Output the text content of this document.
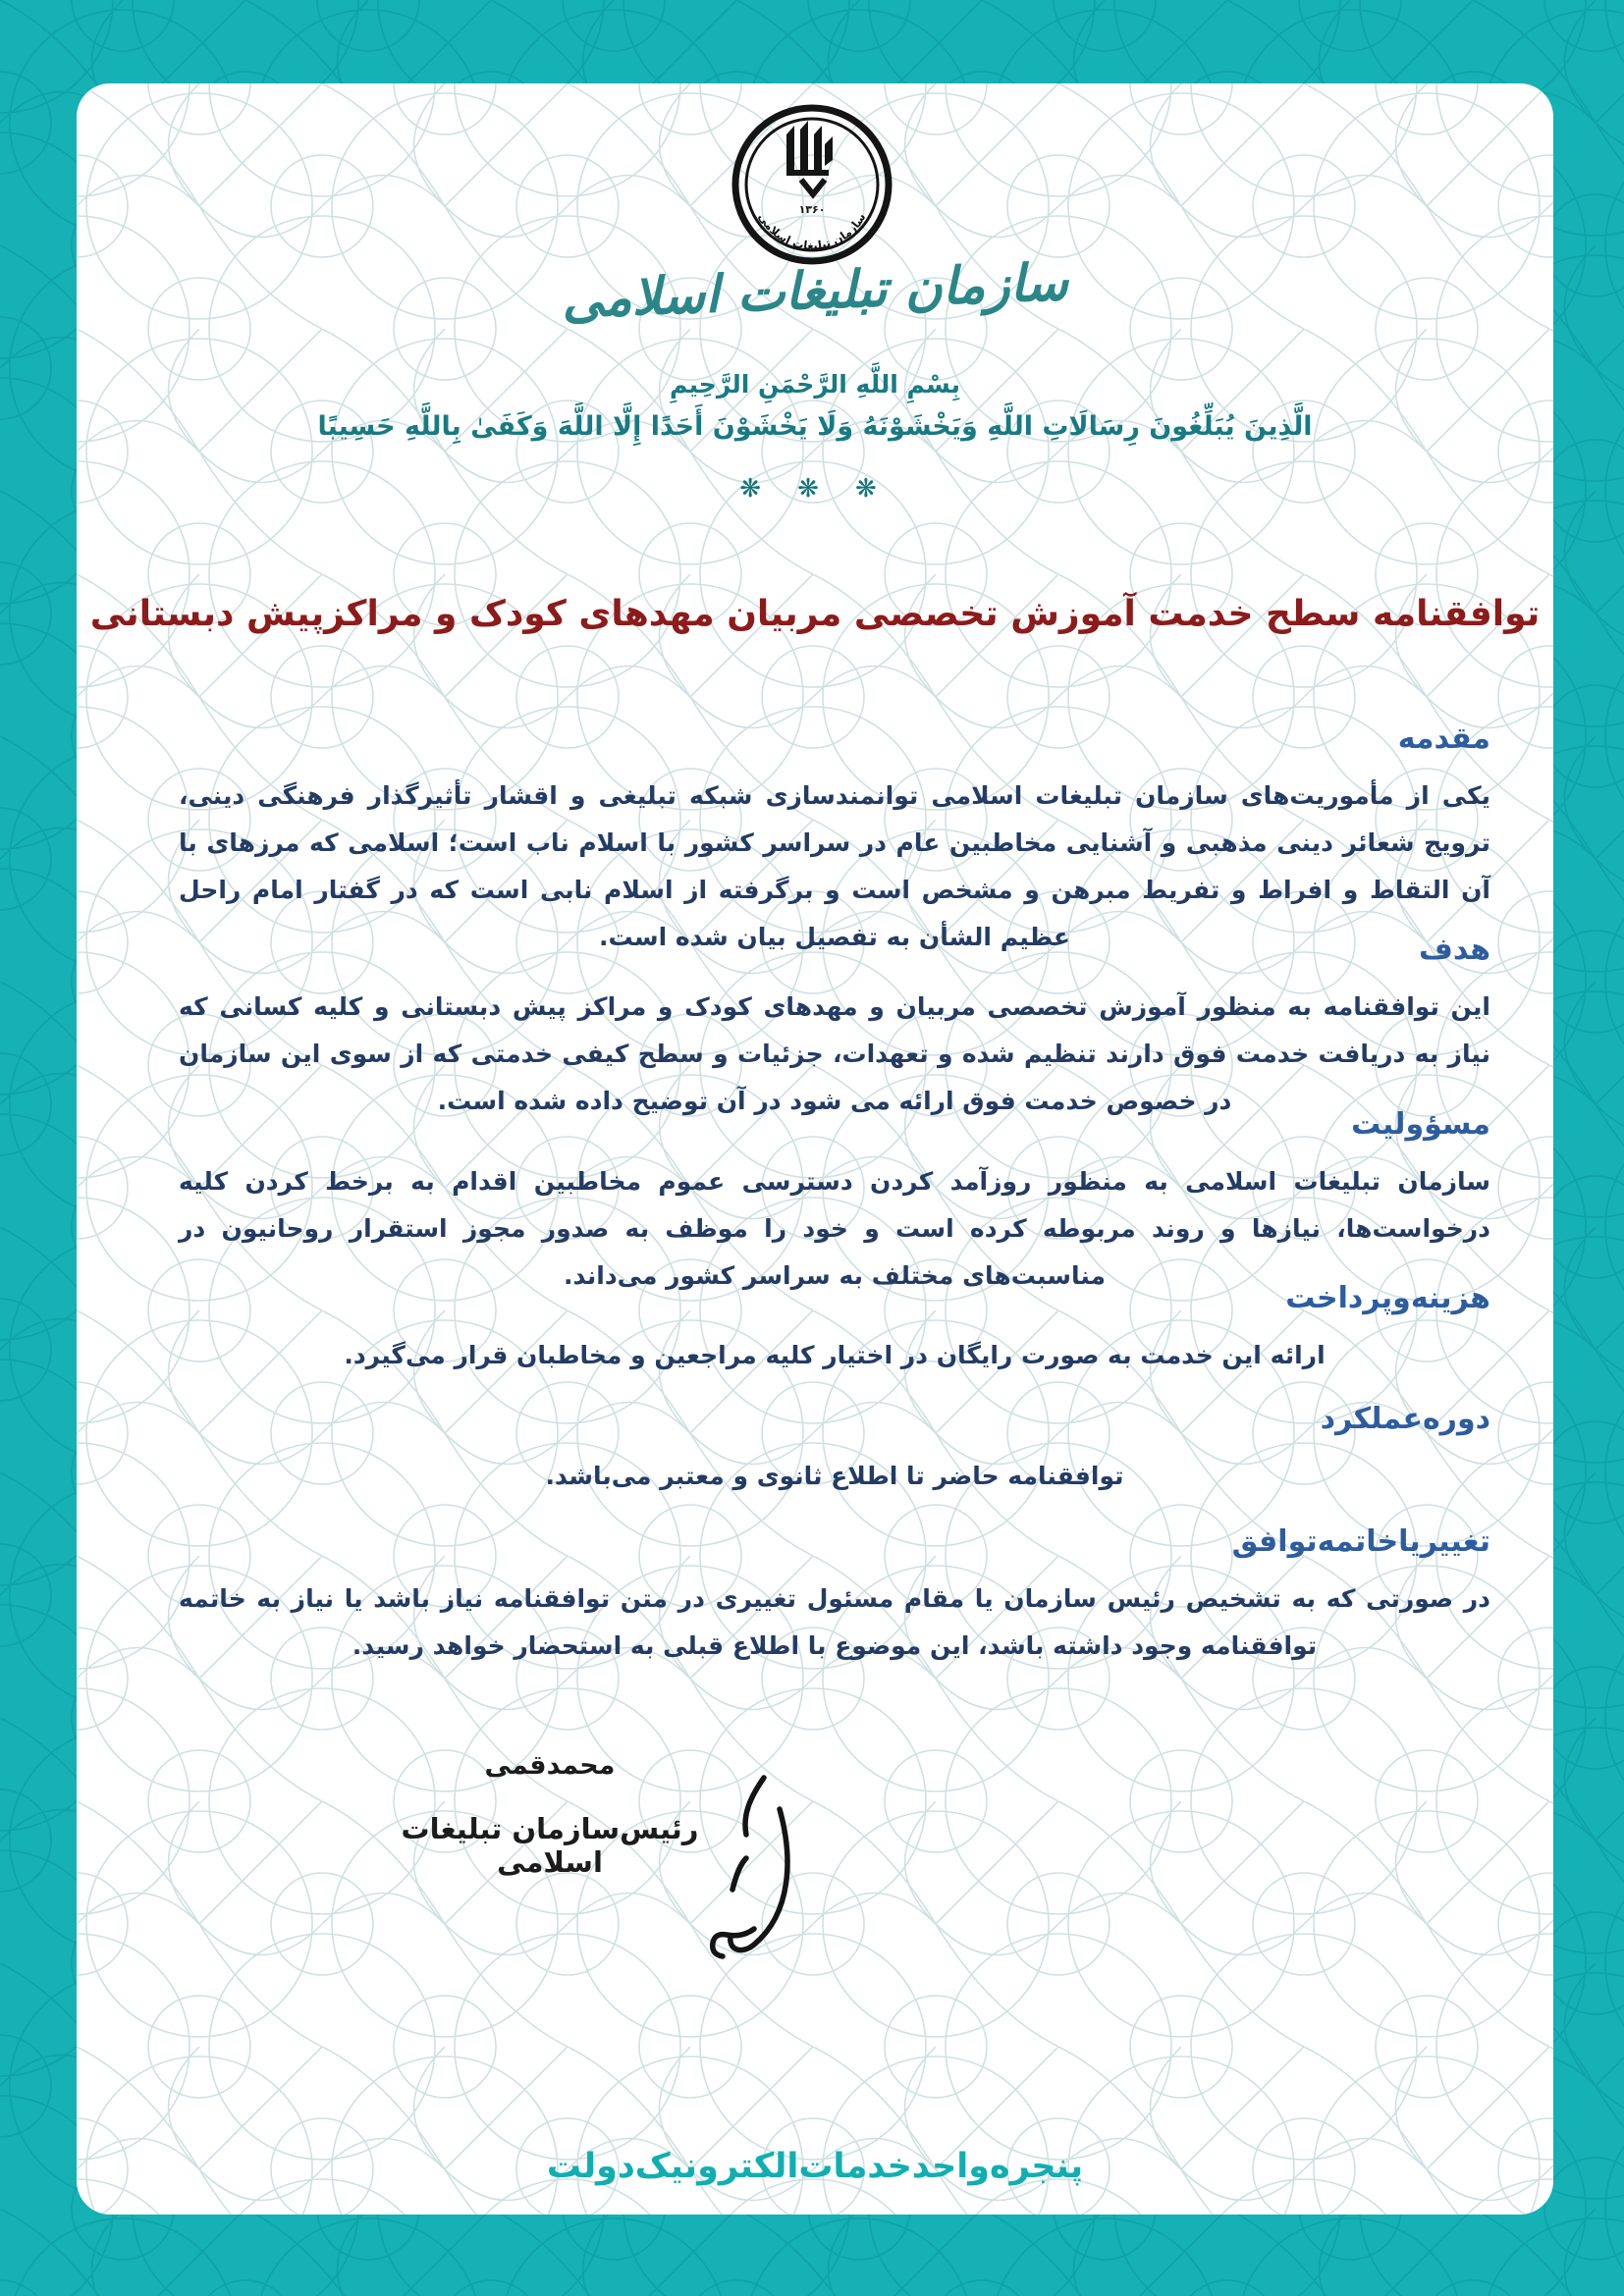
۱۳۶۰
سازمان تبلیغات اسلامی
سازمان تبلیغات اسلامی
بِسْمِ اللَّهِ الرَّحْمَنِ الرَّحِيمِ
الَّذِينَ يُبَلِّغُونَ رِسَالَاتِ اللَّهِ وَيَخْشَوْنَهُ وَلَا يَخْشَوْنَ أَحَدًا إِلَّا اللَّهَ وَكَفَىٰ بِاللَّهِ حَسِيبًا
❋ ❋ ❋
توافقنامه سطح خدمت آموزش تخصصی مربیان مهدهای کودک و مراکزپیش دبستانی
مقدمه

یکی از مأموریت‌های سازمان تبلیغات اسلامی توانمندسازی شبکه تبلیغی و اقشار تأثیرگذار فرهنگی دینی، ترویج شعائر دینی مذهبی و آشنایی مخاطبین عام در سراسر کشور با اسلام ناب است؛ اسلامی که مرزهای با آن التقاط و افراط و تفریط مبرهن و مشخص است و برگرفته از اسلام نابی است که در گفتار امام راحل عظیم الشأن به تفصیل بیان شده است.	هدف

این توافقنامه به منظور آموزش تخصصی مربیان و مهدهای کودک و مراکز پیش دبستانی و کلیه کسانی که نیاز به دریافت خدمت فوق دارند تنظیم شده و تعهدات، جزئیات و سطح کیفی خدمتی که از سوی این سازمان در خصوص خدمت فوق ارائه می شود در آن توضیح داده شده است.

مسؤولیت

سازمان تبلیغات اسلامی به منظور روزآمد کردن دسترسی عموم مخاطبین اقدام به برخط کردن کلیه درخواست‌ها، نیازها و روند مربوطه کرده است و خود را موظف به صدور مجوز استقرار روحانیون در مناسبت‌های مختلف به سراسر کشور می‌داند.

هزینه‌وپرداخت

ارائه این خدمت به صورت رایگان در اختیار کلیه مراجعین و مخاطبان قرار می‌گیرد.

دوره‌عملکرد

توافقنامه حاضر تا اطلاع ثانوی و معتبر می‌باشد.

تغییریاخاتمه‌توافق

در صورتی که به تشخیص رئیس سازمان یا مقام مسئول تغییری در متن توافقنامه نیاز باشد یا نیاز به خاتمه توافقنامه وجود داشته باشد، این موضوع با اطلاع قبلی به استحضار خواهد رسید.

محمدقمی
رئیس‌سازمان تبلیغات اسلامی
پنجره‌واحدخدمات‌الکترونیک‌دولت
